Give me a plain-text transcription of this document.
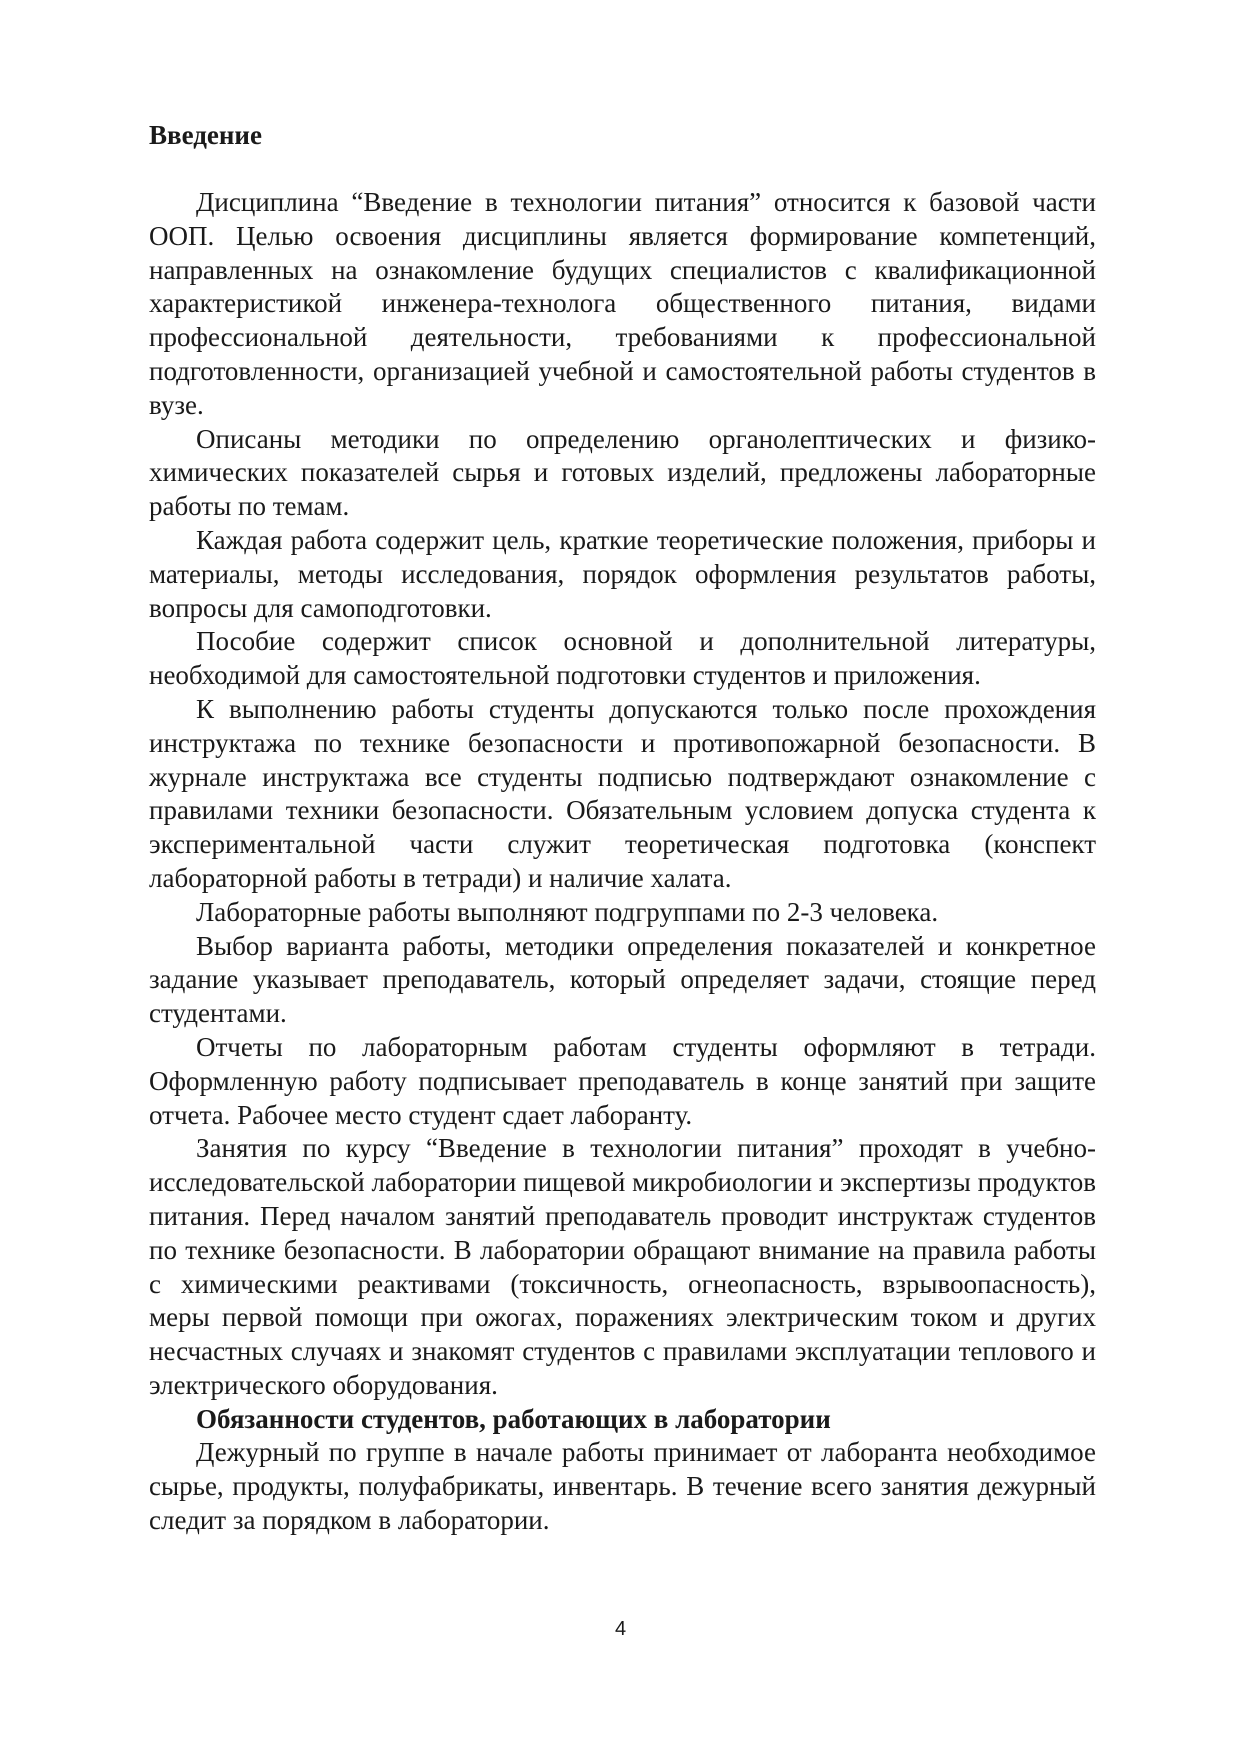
Введение

Дисциплина “Введение в технологии питания” относится к базовой части ООП. Целью освоения дисциплины является формирование компетенций, направленных на ознакомление будущих специалистов с квалификационной характеристикой инженера-технолога общественного питания, видами профессиональной деятельности, требованиями к профессиональной подготовленности, организацией учебной и самостоятельной работы студентов в вузе.

Описаны методики по определению органолептических и физико-химических показателей сырья и готовых изделий, предложены лабораторные работы по темам.

Каждая работа содержит цель, краткие теоретические положения, приборы и материалы, методы исследования, порядок оформления результатов работы, вопросы для самоподготовки.

Пособие содержит список основной и дополнительной литературы, необходимой для самостоятельной подготовки студентов и приложения.

К выполнению работы студенты допускаются только после прохождения инструктажа по технике безопасности и противопожарной безопасности. В журнале инструктажа все студенты подписью подтверждают ознакомление с правилами техники безопасности. Обязательным условием допуска студента к экспериментальной части служит теоретическая подготовка (конспект лабораторной работы в тетради) и наличие халата.

Лабораторные работы выполняют подгруппами по 2-3 человека.

Выбор варианта работы, методики определения показателей и конкретное задание указывает преподаватель, который определяет задачи, стоящие перед студентами.

Отчеты по лабораторным работам студенты оформляют в тетради. Оформленную работу подписывает преподаватель в конце занятий при защите отчета. Рабочее место студент сдает лаборанту.

Занятия по курсу “Введение в технологии питания” проходят в учебно-исследовательской лаборатории пищевой микробиологии и экспертизы продуктов питания. Перед началом занятий преподаватель проводит инструктаж студентов по технике безопасности. В лаборатории обращают внимание на правила работы с химическими реактивами (токсичность, огнеопасность, взрывоопасность), меры первой помощи при ожогах, поражениях электрическим током и других несчастных случаях и знакомят студентов с правилами эксплуатации теплового и электрического оборудования.

Обязанности студентов, работающих в лаборатории

Дежурный по группе в начале работы принимает от лаборанта необходимое сырье, продукты, полуфабрикаты, инвентарь. В течение всего занятия дежурный следит за порядком в лаборатории.

4
